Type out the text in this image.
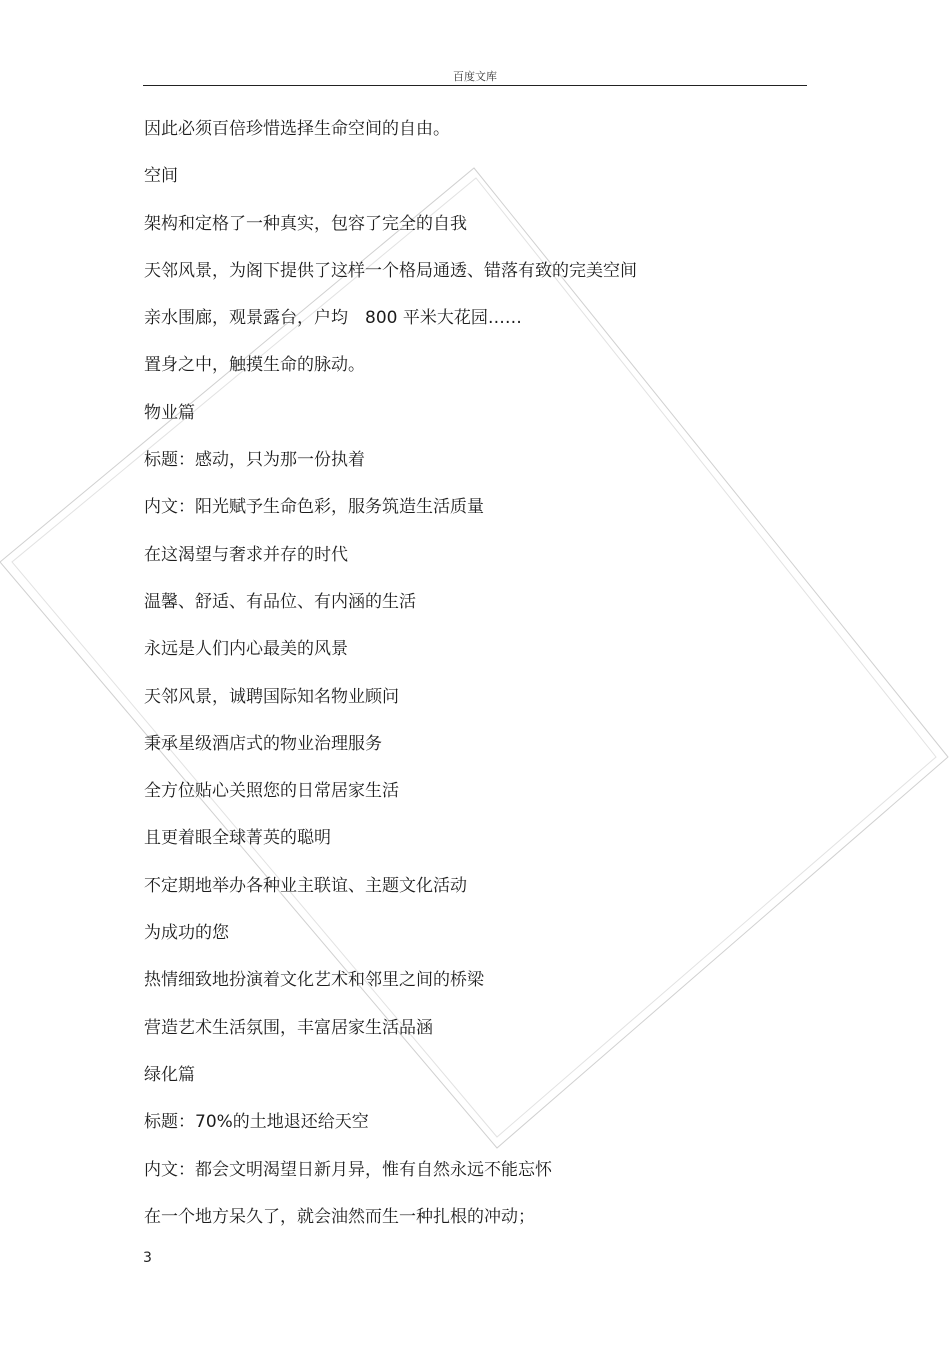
百度文库
因此必须百倍珍惜选择生命空间的自由。
空间
架构和定格了一种真实，包容了完全的自我
天邻风景，为阁下提供了这样一个格局通透、错落有致的完美空间
亲水围廊，观景露台，户均　800 平米大花园……
置身之中，触摸生命的脉动。
物业篇
标题：感动，只为那一份执着
内文：阳光赋予生命色彩，服务筑造生活质量
在这渴望与奢求并存的时代
温馨、舒适、有品位、有内涵的生活
永远是人们内心最美的风景
天邻风景，诚聘国际知名物业顾问
秉承星级酒店式的物业治理服务
全方位贴心关照您的日常居家生活
且更着眼全球菁英的聪明
不定期地举办各种业主联谊、主题文化活动
为成功的您
热情细致地扮演着文化艺术和邻里之间的桥梁
营造艺术生活氛围，丰富居家生活品涵
绿化篇
标题：70%的土地退还给天空
内文：都会文明渴望日新月异，惟有自然永远不能忘怀
在一个地方呆久了，就会油然而生一种扎根的冲动；
3
